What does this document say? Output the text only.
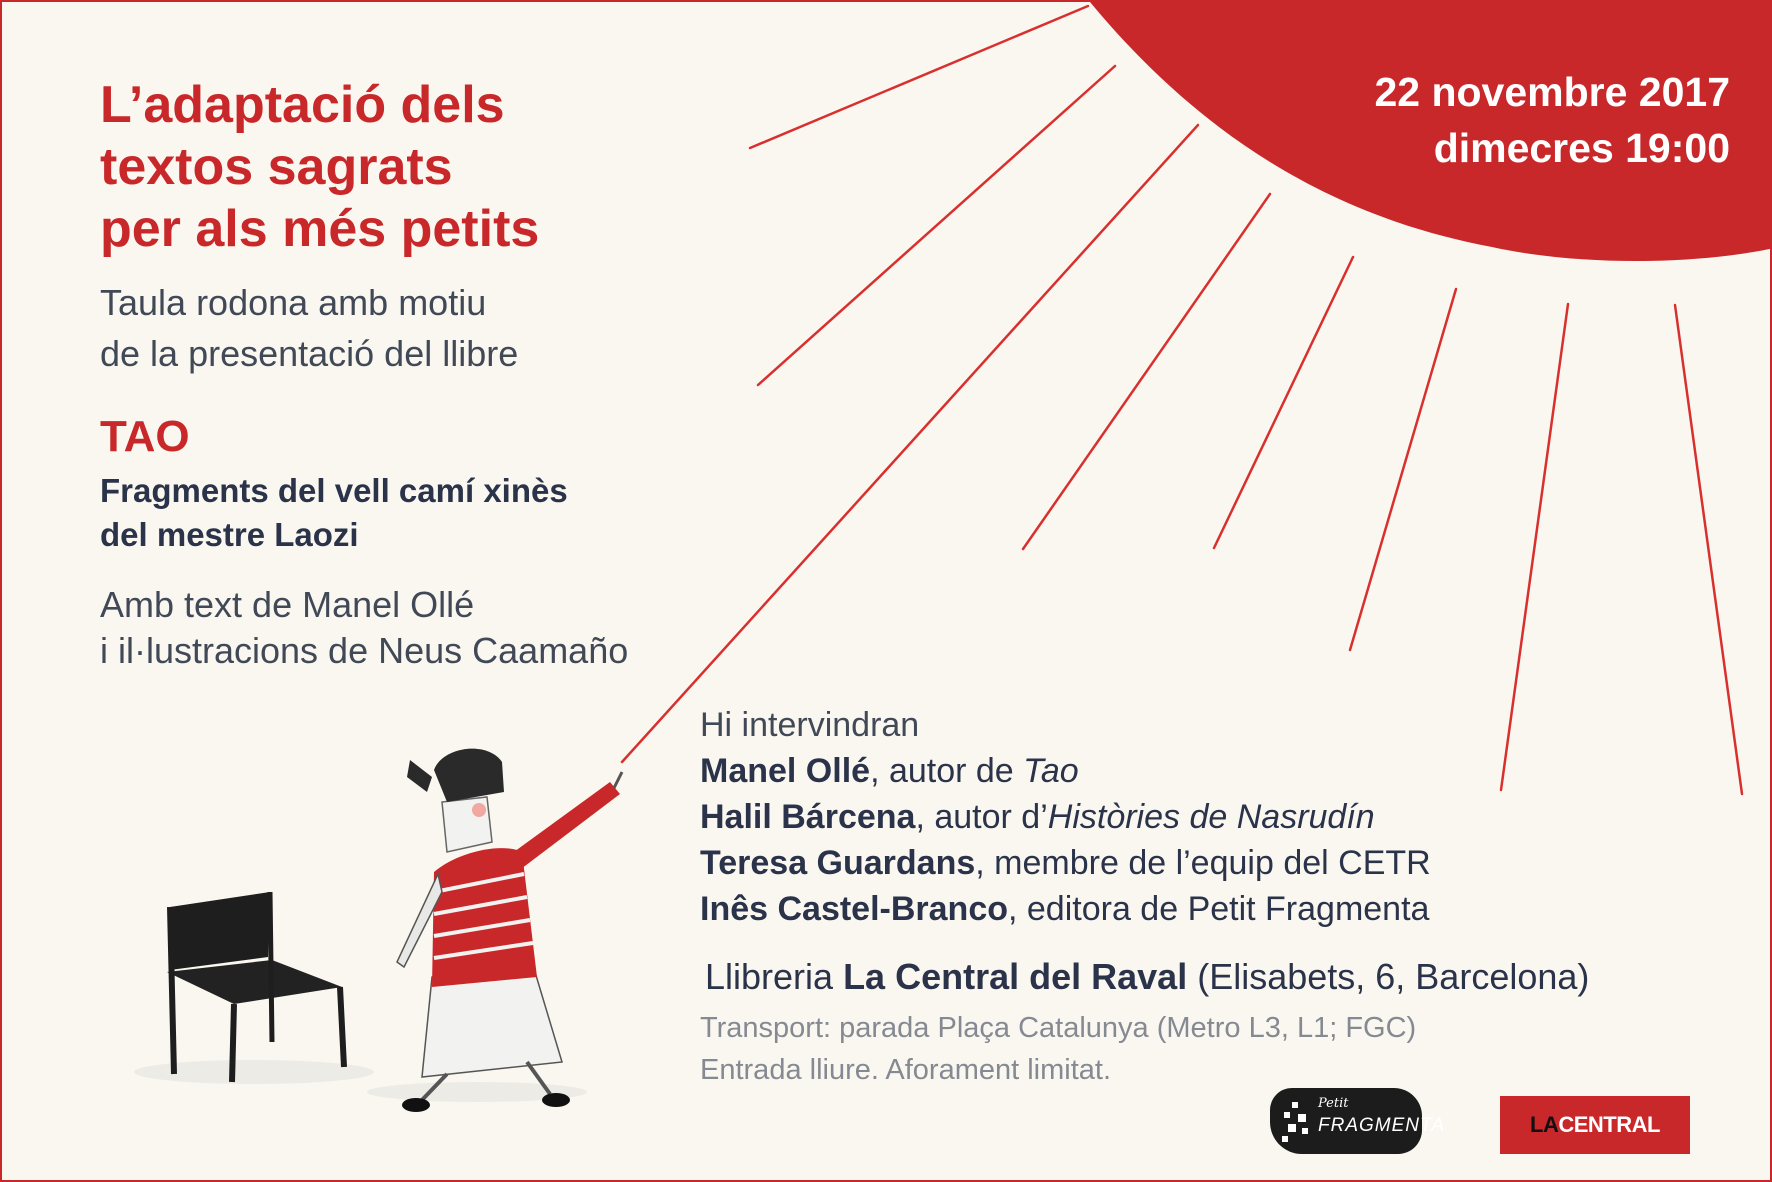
L’adaptació dels
textos sagrats
per als més petits
Taula rodona amb motiu
de la presentació del llibre
TAO
Fragments del vell camí xinès
del mestre Laozi
Amb text de Manel Ollé
i il·lustracions de Neus Caamaño
22 novembre 2017
dimecres 19:00
Hi intervindran
Manel Ollé, autor de Tao
Halil Bárcena, autor d’Històries de Nasrudín
Teresa Guardans, membre de l’equip del CETR
Inês Castel-Branco, editora de Petit Fragmenta
Llibreria La Central del Raval (Elisabets, 6, Barcelona)
Transport: parada Plaça Catalunya (Metro L3, L1; FGC)
Entrada lliure. Aforament limitat.
Petit
FRAGMENTA	LACENTRAL
